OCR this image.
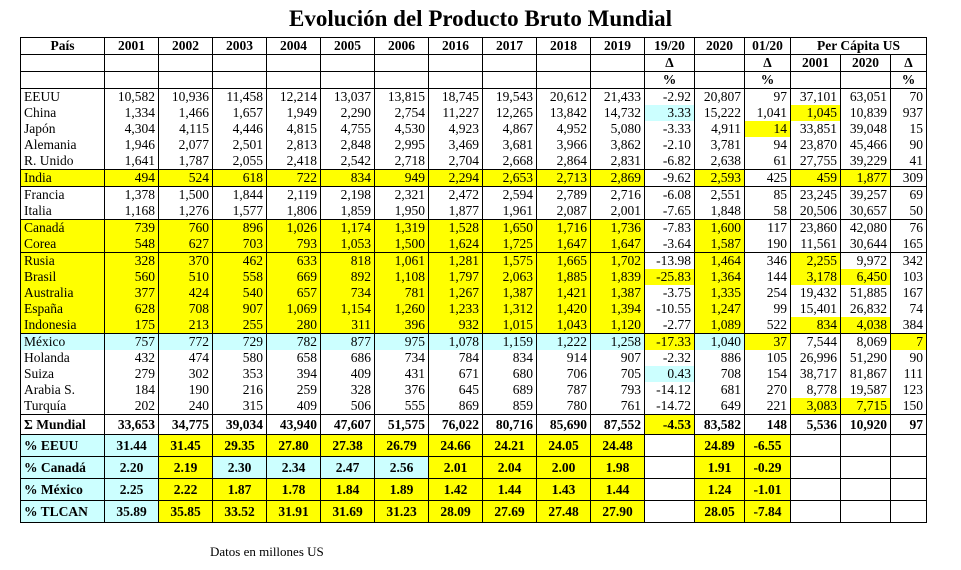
Evolución del Producto Bruto Mundial
País	2001	2002	2003	2004	2005	2006	2016	2017	2018	2019	19/20	2020	01/20	Per Cápita US		
											Δ		Δ	2001	2020	Δ
											%		%			%
EEUU	10,582	10,936	11,458	12,214	13,037	13,815	18,745	19,543	20,612	21,433	-2.92	20,807	97	37,101	63,051	70
China	1,334	1,466	1,657	1,949	2,290	2,754	11,227	12,265	13,842	14,732	3.33	15,222	1,041	1,045	10,839	937
Japón	4,304	4,115	4,446	4,815	4,755	4,530	4,923	4,867	4,952	5,080	-3.33	4,911	14	33,851	39,048	15
Alemania	1,946	2,077	2,501	2,813	2,848	2,995	3,469	3,681	3,966	3,862	-2.10	3,781	94	23,870	45,466	90
R. Unido	1,641	1,787	2,055	2,418	2,542	2,718	2,704	2,668	2,864	2,831	-6.82	2,638	61	27,755	39,229	41
India	494	524	618	722	834	949	2,294	2,653	2,713	2,869	-9.62	2,593	425	459	1,877	309
Francia	1,378	1,500	1,844	2,119	2,198	2,321	2,472	2,594	2,789	2,716	-6.08	2,551	85	23,245	39,257	69
Italia	1,168	1,276	1,577	1,806	1,859	1,950	1,877	1,961	2,087	2,001	-7.65	1,848	58	20,506	30,657	50
Canadá	739	760	896	1,026	1,174	1,319	1,528	1,650	1,716	1,736	-7.83	1,600	117	23,860	42,080	76
Corea	548	627	703	793	1,053	1,500	1,624	1,725	1,647	1,647	-3.64	1,587	190	11,561	30,644	165
Rusia	328	370	462	633	818	1,061	1,281	1,575	1,665	1,702	-13.98	1,464	346	2,255	9,972	342
Brasil	560	510	558	669	892	1,108	1,797	2,063	1,885	1,839	-25.83	1,364	144	3,178	6,450	103
Australia	377	424	540	657	734	781	1,267	1,387	1,421	1,387	-3.75	1,335	254	19,432	51,885	167
España	628	708	907	1,069	1,154	1,260	1,233	1,312	1,420	1,394	-10.55	1,247	99	15,401	26,832	74
Indonesia	175	213	255	280	311	396	932	1,015	1,043	1,120	-2.77	1,089	522	834	4,038	384
México	757	772	729	782	877	975	1,078	1,159	1,222	1,258	-17.33	1,040	37	7,544	8,069	7
Holanda	432	474	580	658	686	734	784	834	914	907	-2.32	886	105	26,996	51,290	90
Suiza	279	302	353	394	409	431	671	680	706	705	0.43	708	154	38,717	81,867	111
Arabia S.	184	190	216	259	328	376	645	689	787	793	-14.12	681	270	8,778	19,587	123
Turquía	202	240	315	409	506	555	869	859	780	761	-14.72	649	221	3,083	7,715	150
Σ Mundial	33,653	34,775	39,034	43,940	47,607	51,575	76,022	80,716	85,690	87,552	-4.53	83,582	148	5,536	10,920	97
% EEUU	31.44	31.45	29.35	27.80	27.38	26.79	24.66	24.21	24.05	24.48		24.89	-6.55			
% Canadá	2.20	2.19	2.30	2.34	2.47	2.56	2.01	2.04	2.00	1.98		1.91	-0.29			
% México	2.25	2.22	1.87	1.78	1.84	1.89	1.42	1.44	1.43	1.44		1.24	-1.01			
% TLCAN	35.89	35.85	33.52	31.91	31.69	31.23	28.09	27.69	27.48	27.90		28.05	-7.84			
Datos en millones US
